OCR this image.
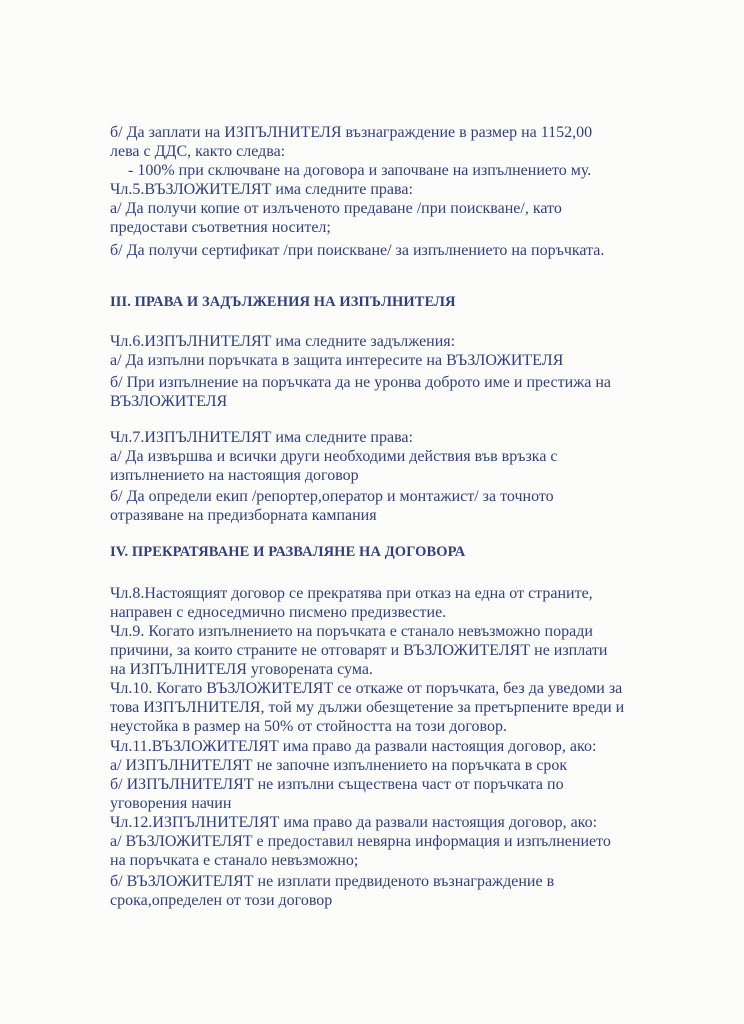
б/ Да заплати на ИЗПЪЛНИТЕЛЯ възнаграждение в размер на 1152,00
лева с ДДС, както следва:
- 100% при сключване на договора и започване на изпълнението му.
Чл.5.ВЪЗЛОЖИТЕЛЯТ има следните права:
а/ Да получи копие от излъченото предаване /при поискване/, като
предостави съответния носител;
б/ Да получи сертификат /при поискване/ за изпълнението на поръчката.
III. ПРАВА И ЗАДЪЛЖЕНИЯ НА ИЗПЪЛНИТЕЛЯ
Чл.6.ИЗПЪЛНИТЕЛЯТ има следните задължения:
а/ Да изпълни поръчката в защита интересите на ВЪЗЛОЖИТЕЛЯ
б/ При изпълнение на поръчката да не уронва доброто име и престижа на
ВЪЗЛОЖИТЕЛЯ
Чл.7.ИЗПЪЛНИТЕЛЯТ има следните права:
а/ Да извършва и всички други необходими действия във връзка с
изпълнението на настоящия договор
б/ Да определи екип /репортер,оператор и монтажист/ за точното
отразяване на предизборната кампания
IV. ПРЕКРАТЯВАНЕ И РАЗВАЛЯНЕ НА ДОГОВОРА
Чл.8.Настоящият договор се прекратява при отказ на една от страните,
направен с едноседмично писмено предизвестие.
Чл.9. Когато изпълнението на поръчката е станало невъзможно поради
причини, за които страните не отговарят и ВЪЗЛОЖИТЕЛЯТ не изплати
на ИЗПЪЛНИТЕЛЯ уговорената сума.
Чл.10. Когато ВЪЗЛОЖИТЕЛЯТ се откаже от поръчката, без да уведоми за
това ИЗПЪЛНИТЕЛЯ, той му дължи обезщетение за претърпените вреди и
неустойка в размер на 50% от стойността на този договор.
Чл.11.ВЪЗЛОЖИТЕЛЯТ има право да развали настоящия договор, ако:
а/ ИЗПЪЛНИТЕЛЯТ не започне изпълнението на поръчката в срок
б/ ИЗПЪЛНИТЕЛЯТ не изпълни съществена част от поръчката по
уговорения начин
Чл.12.ИЗПЪЛНИТЕЛЯТ има право да развали настоящия договор, ако:
а/ ВЪЗЛОЖИТЕЛЯТ е предоставил невярна информация и изпълнението
на поръчката е станало невъзможно;
б/ ВЪЗЛОЖИТЕЛЯТ не изплати предвиденото възнаграждение в
срока,определен от този договор
